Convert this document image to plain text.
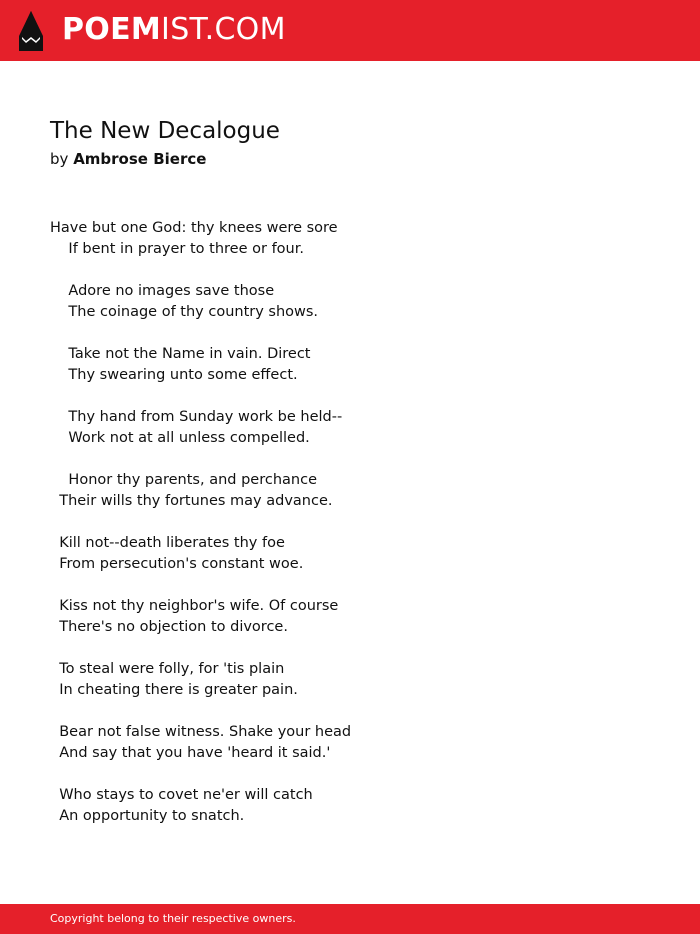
POEMIST.COM
The New Decalogue
by Ambrose Bierce
Have but one God: thy knees were sore
If bent in prayer to three or four.
Adore no images save those
The coinage of thy country shows.
Take not the Name in vain. Direct
Thy swearing unto some effect.
Thy hand from Sunday work be held--
Work not at all unless compelled.
Honor thy parents, and perchance
Their wills thy fortunes may advance.
Kill not--death liberates thy foe
From persecution's constant woe.
Kiss not thy neighbor's wife. Of course
There's no objection to divorce.
To steal were folly, for 'tis plain
In cheating there is greater pain.
Bear not false witness. Shake your head
And say that you have 'heard it said.'
Who stays to covet ne'er will catch
An opportunity to snatch.
Copyright belong to their respective owners.
